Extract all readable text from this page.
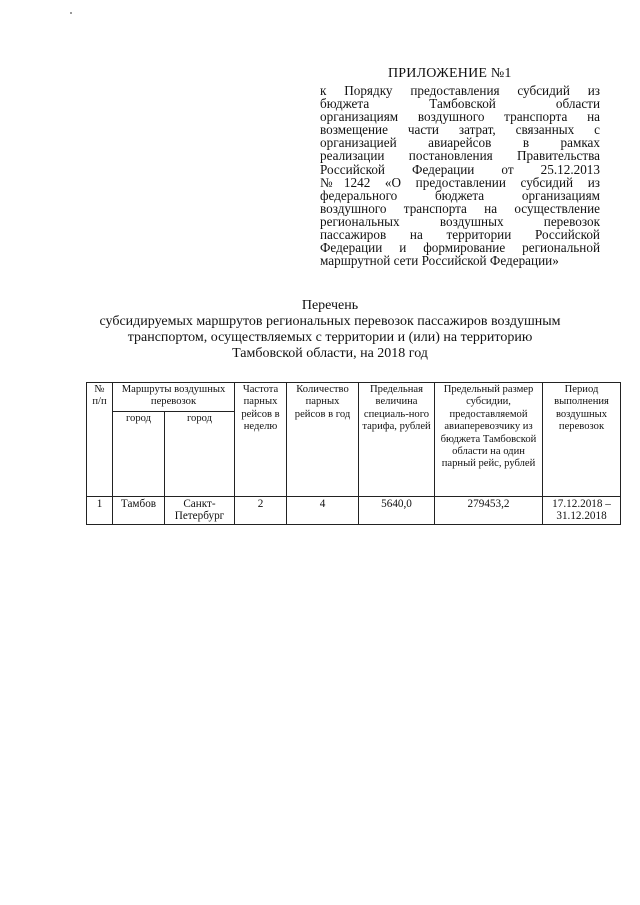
ПРИЛОЖЕНИЕ №1
к Порядку предоставления субсидий из
бюджета Тамбовской области
организациям воздушного транспорта на
возмещение части затрат, связанных с
организацией авиарейсов в рамках
реализации постановления Правительства
Российской Федерации от 25.12.2013
№1242 «О предоставлении субсидий из
федерального бюджета организациям
воздушного транспорта на осуществление
региональных воздушных перевозок
пассажиров на территории Российской
Федерации и формирование региональной
маршрутной сети Российской Федерации»
Перечень
субсидируемых маршрутов региональных перевозок пассажиров воздушным
транспортом, осуществляемых с территории и (или) на территорию
Тамбовской области, на 2018 год
№ п/п	Маршруты воздушных перевозок		Частота парных рейсов в неделю	Количество парных рейсов в год	Предельная величина специаль-ного тарифа, рублей	Предельный размер субсидии, предоставляемой авиаперевозчику из бюджета Тамбовской области на один парный рейс, рублей	Период выполнения воздушных перевозок
	город	город					
1	Тамбов	Санкт-Петербург	2	4	5640,0	279453,2	17.12.2018 – 31.12.2018
